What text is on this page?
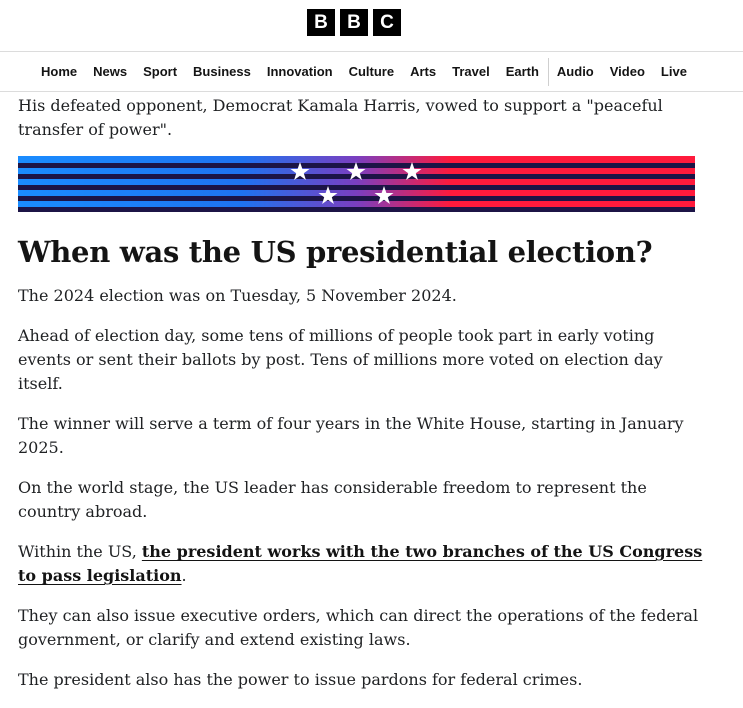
B	B	C
Home	News	Sport	Business	Innovation	Culture	Arts	Travel	Earth	Audio	Video	Live

His defeated opponent, Democrat Kamala Harris, vowed to support a "peaceful transfer of power".

When was the US presidential election?

The 2024 election was on Tuesday, 5 November 2024.

Ahead of election day, some tens of millions of people took part in early voting events or sent their ballots by post. Tens of millions more voted on election day itself.

The winner will serve a term of four years in the White House, starting in January 2025.

On the world stage, the US leader has considerable freedom to represent the country abroad.

Within the US, the president works with the two branches of the US Congress to pass legislation.

They can also issue executive orders, which can direct the operations of the federal government, or clarify and extend existing laws.

The president also has the power to issue pardons for federal crimes.
